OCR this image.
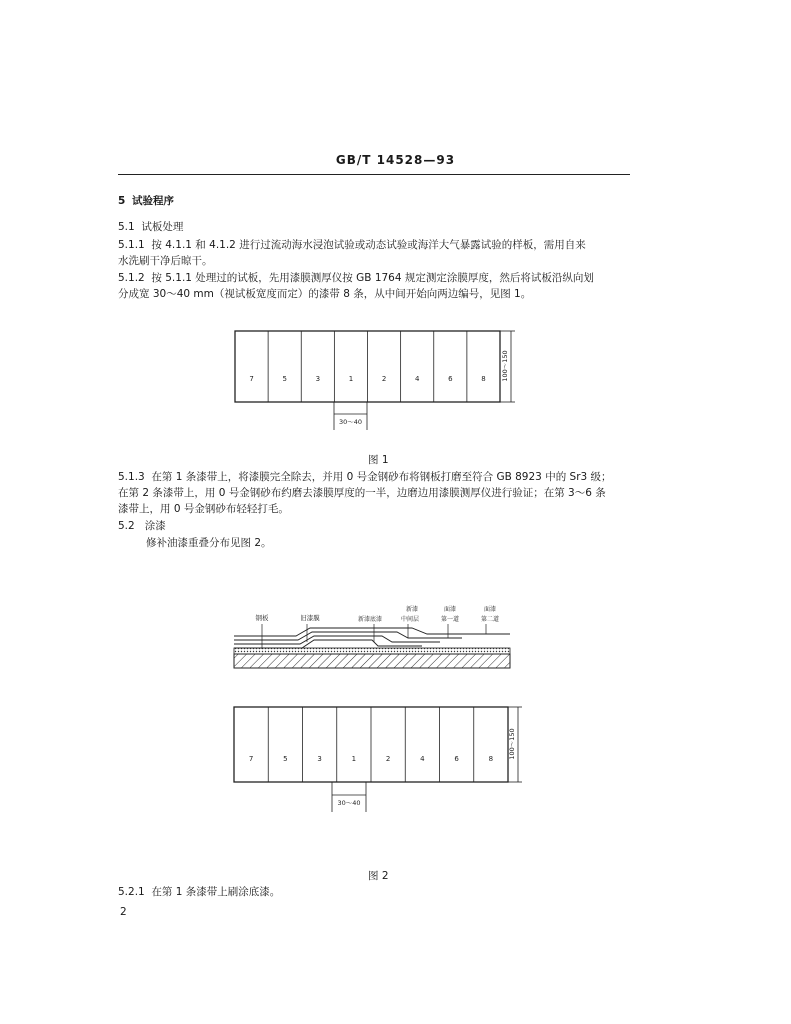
GB/T 14528—93
5 试验程序
5.1 试板处理
5.1.1 按 4.1.1 和 4.1.2 进行过流动海水浸泡试验或动态试验或海洋大气暴露试验的样板，需用自来
水洗刷干净后晾干。
5.1.2 按 5.1.1 处理过的试板，先用漆膜测厚仪按 GB 1764 规定测定涂膜厚度，然后将试板沿纵向划
分成宽 30～40 mm（视试板宽度而定）的漆带 8 条，从中间开始向两边编号，见图 1。
7	5	3	1	2	4	6	8
30～40
100～150
图 1
5.1.3 在第 1 条漆带上，将漆膜完全除去，并用 0 号金钢砂布将钢板打磨至符合 GB 8923 中的 Sr3 级；
在第 2 条漆带上，用 0 号金钢砂布约磨去漆膜厚度的一半，边磨边用漆膜测厚仪进行验证；在第 3～6 条
漆带上，用 0 号金钢砂布轻轻打毛。
5.2 涂漆
修补油漆重叠分布见图 2。
钢板	旧漆膜	新漆底漆
新漆
中间层
面漆
第一道
面漆
第二道
7	5	3	1	2	4	6	8
30～40
100～150
图 2
5.2.1 在第 1 条漆带上刷涂底漆。
2
